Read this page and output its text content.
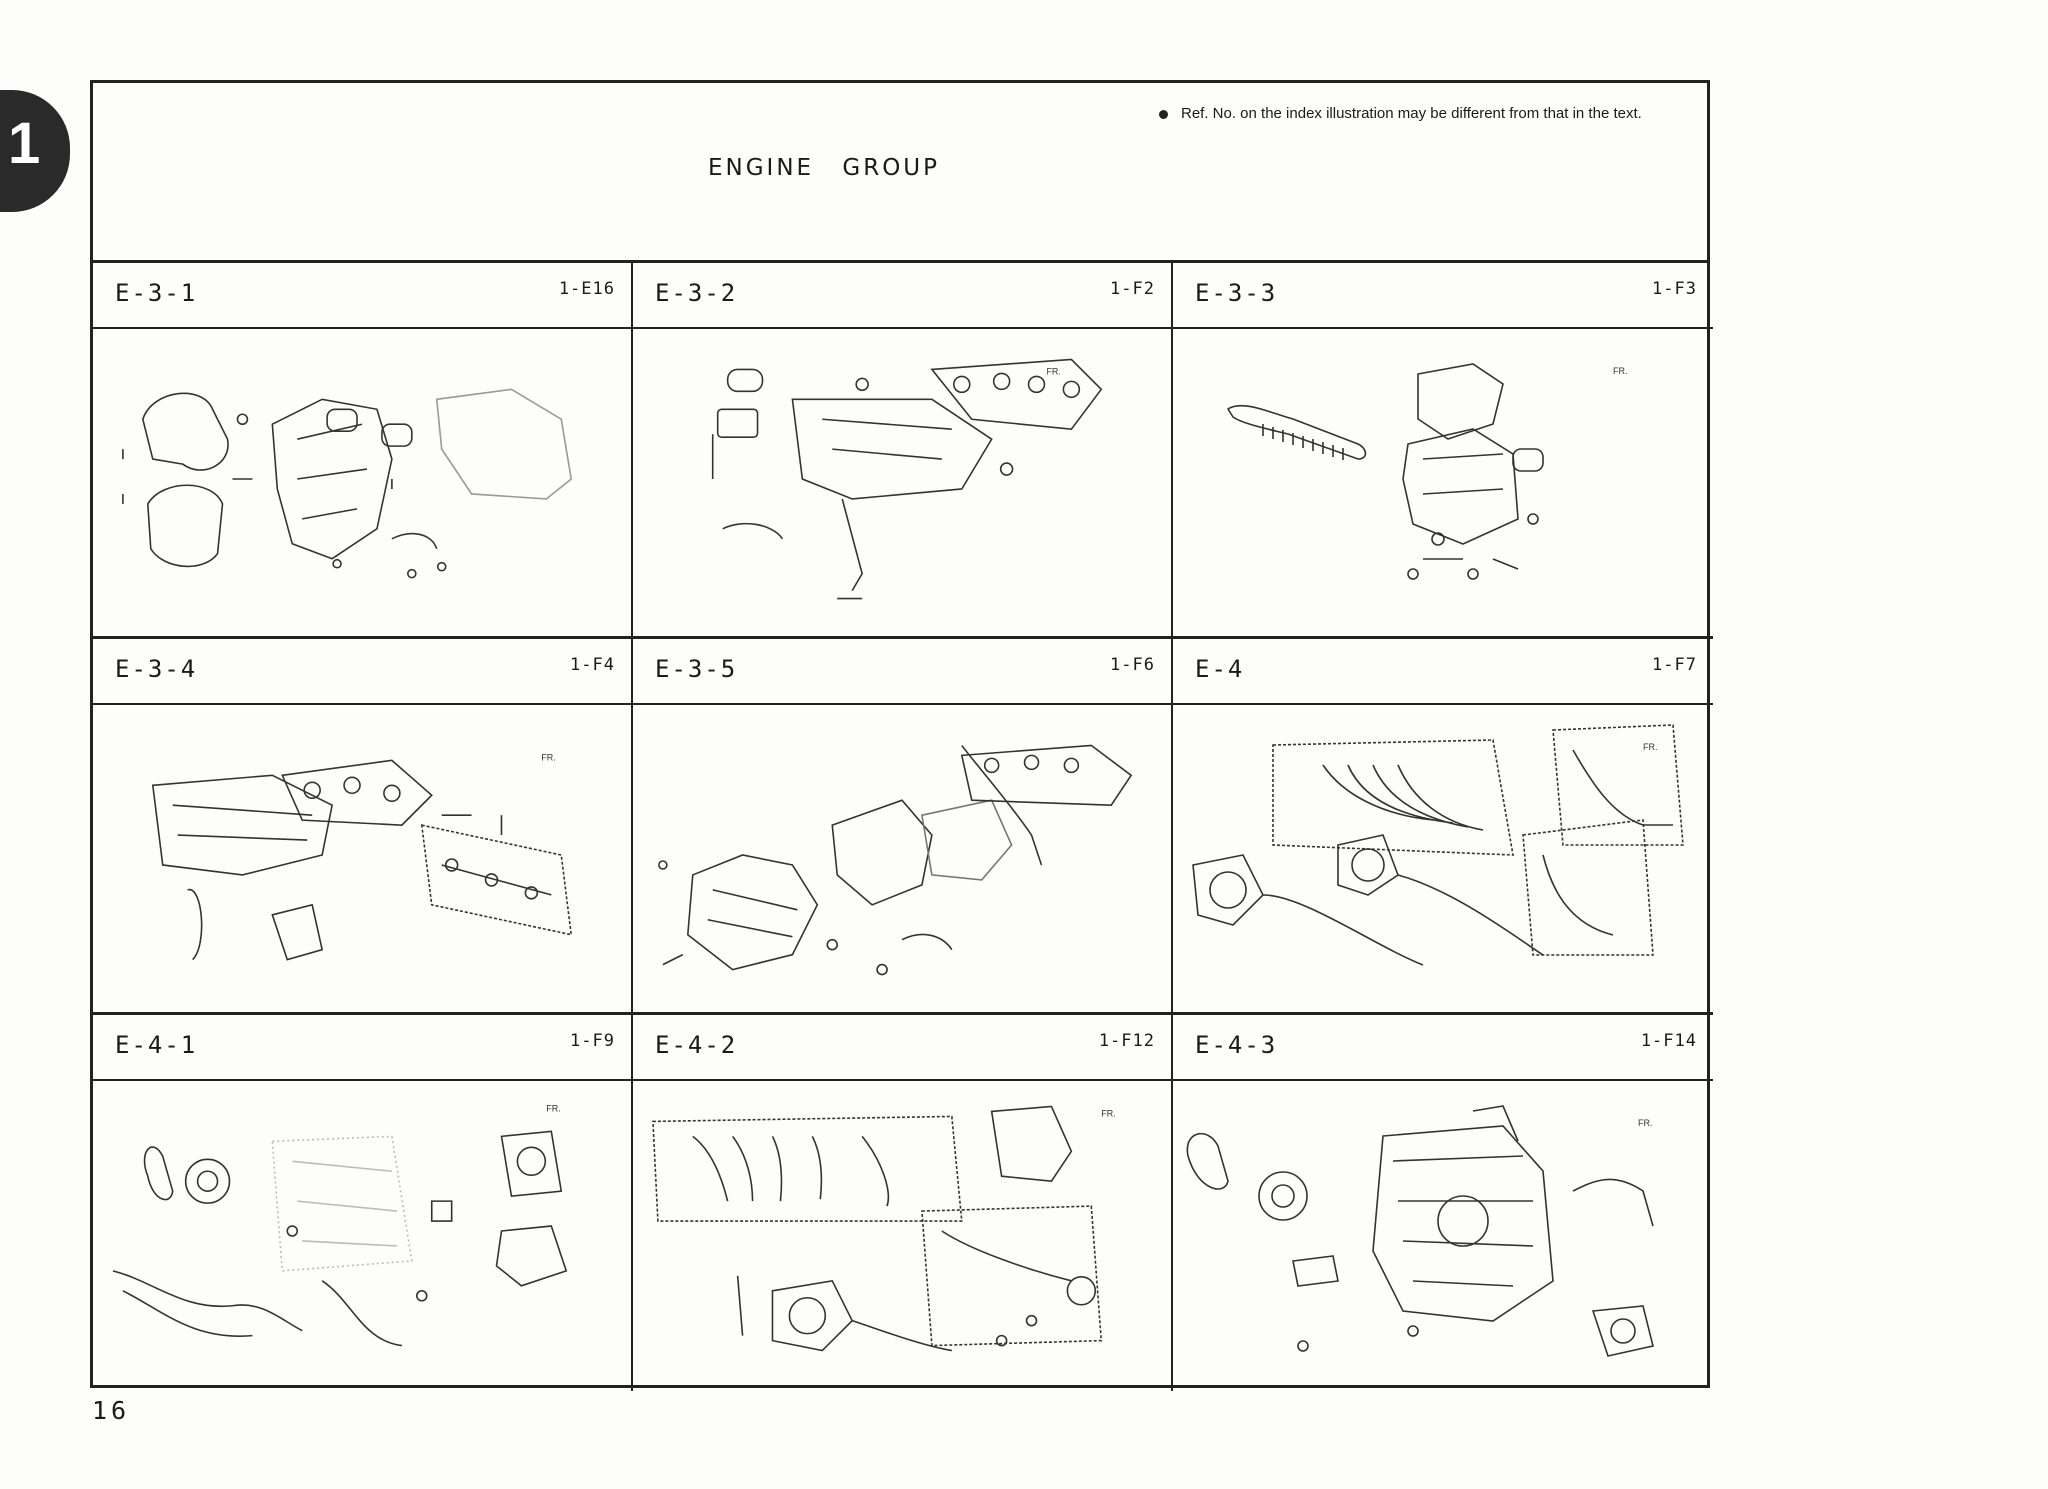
1	ENGINE GROUP
Ref. No. on the index illustration may be different from that in the text.
E-3-1	1-E16 E-3-2	1-F2
FR.
E-3-3	1-F3
FR.
E-3-4	1-F4
FR.
E-3-5	1-F6 E-4	1-F7
FR.
E-4-1	1-F9
FR.
E-4-2	1-F12
FR.
E-4-3	1-F14
FR.
16
